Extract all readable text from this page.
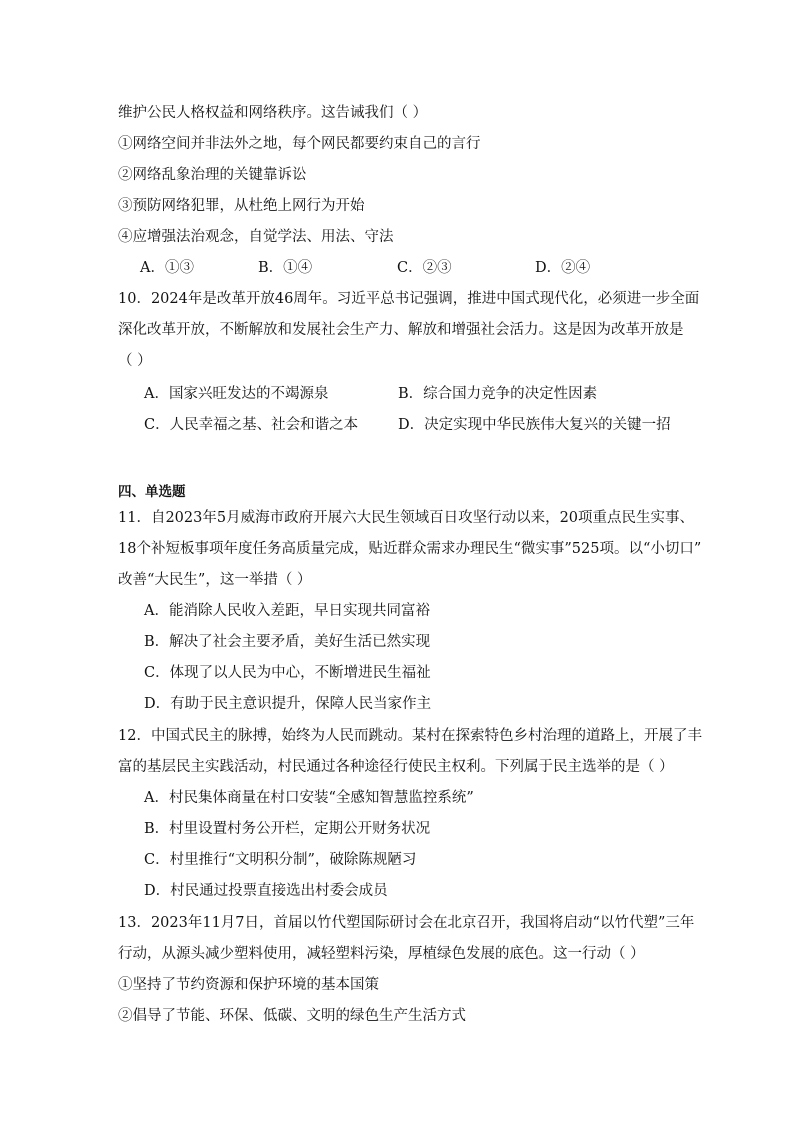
维护公民人格权益和网络秩序。这告诫我们（ ）
①网络空间并非法外之地，每个网民都要约束自己的言行
②网络乱象治理的关键靠诉讼
③预防网络犯罪，从杜绝上网行为开始
④应增强法治观念，自觉学法、用法、守法
A．①③	B．①④	C．②③	D．②④
10．2024年是改革开放46周年。习近平总书记强调，推进中国式现代化，必须进一步全面
深化改革开放，不断解放和发展社会生产力、解放和增强社会活力。这是因为改革开放是
（ ）
A．国家兴旺发达的不竭源泉	B．综合国力竞争的决定性因素
C．人民幸福之基、社会和谐之本	D．决定实现中华民族伟大复兴的关键一招
四、单选题
11．自2023年5月威海市政府开展六大民生领域百日攻坚行动以来，20项重点民生实事、
18个补短板事项年度任务高质量完成，贴近群众需求办理民生“微实事”525项。以“小切口”
改善“大民生”，这一举措（ ）
A．能消除人民收入差距，早日实现共同富裕
B．解决了社会主要矛盾，美好生活已然实现
C．体现了以人民为中心，不断增进民生福祉
D．有助于民主意识提升，保障人民当家作主
12．中国式民主的脉搏，始终为人民而跳动。某村在探索特色乡村治理的道路上，开展了丰
富的基层民主实践活动，村民通过各种途径行使民主权利。下列属于民主选举的是（ ）
A．村民集体商量在村口安装“全感知智慧监控系统”
B．村里设置村务公开栏，定期公开财务状况
C．村里推行“文明积分制”，破除陈规陋习
D．村民通过投票直接选出村委会成员
13．2023年11月7日，首届以竹代塑国际研讨会在北京召开，我国将启动“以竹代塑”三年
行动，从源头减少塑料使用，减轻塑料污染，厚植绿色发展的底色。这一行动（ ）
①坚持了节约资源和保护环境的基本国策
②倡导了节能、环保、低碳、文明的绿色生产生活方式
